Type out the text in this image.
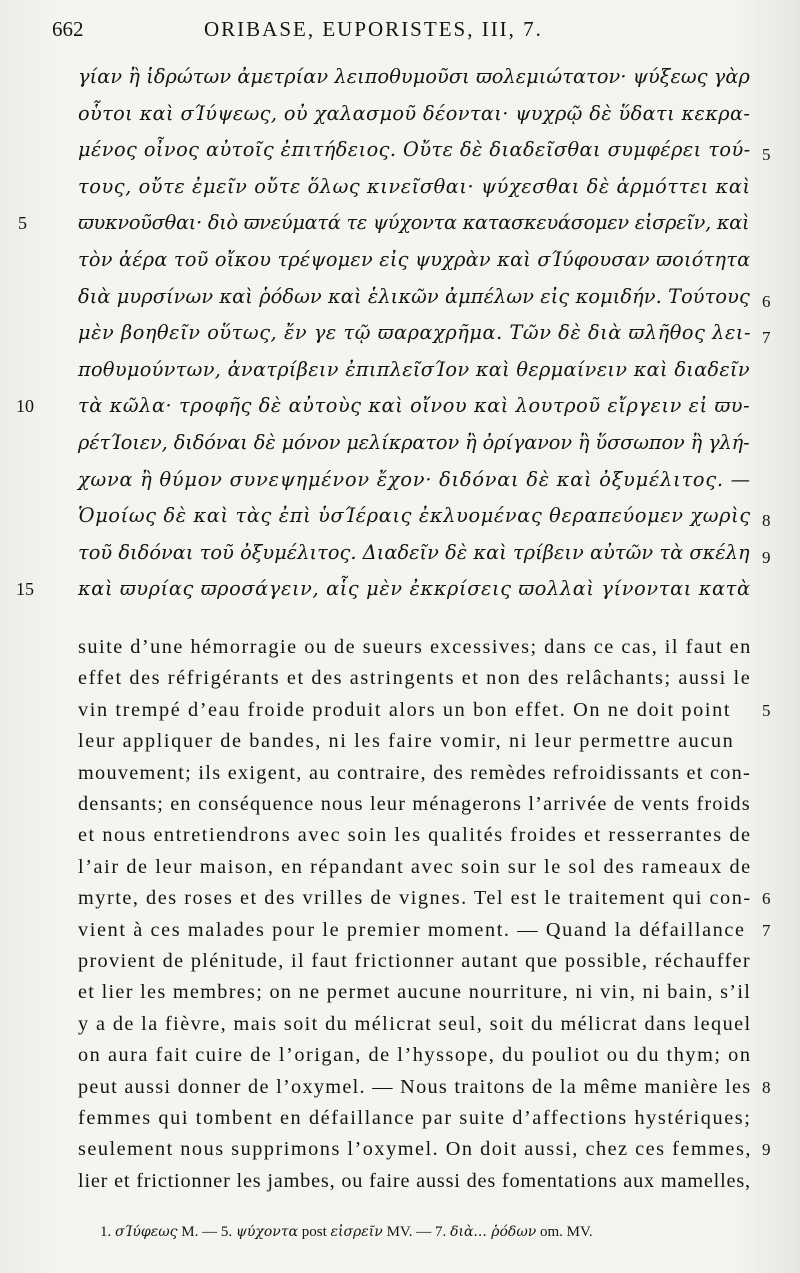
662	ORIBASE, EUPORISTES, III, 7.
γίαν ἢ ἱδρώτων ἀμετρίαν λειποθυμοῦσι ϖολεμιώτατον· ψύξεως γὰρ
οὗτοι καὶ σΊύψεως, οὐ χαλασμοῦ δέονται· ψυχρῷ δὲ ὕδατι κεκρα-
μένος οἶνος αὐτοῖς ἐπιτήδειος. Οὔτε δὲ διαδεῖσθαι συμφέρει τού- 5
τους, οὔτε ἐμεῖν οὔτε ὅλως κινεῖσθαι· ψύχεσθαι δὲ ἁρμόττει καὶ
ϖυκνοῦσθαι· διὸ ϖνεύματά τε ψύχοντα κατασκευάσομεν εἰσρεῖν, καὶ
5
τὸν ἀέρα τοῦ οἴκου τρέψομεν εἰς ψυχρὰν καὶ σΊύφουσαν ϖοιότητα
διὰ μυρσίνων καὶ ῥόδων καὶ ἑλικῶν ἀμπέλων εἰς κομιδήν. Τούτους 6
μὲν βοηθεῖν οὕτως, ἔν γε τῷ ϖαραχρῆμα. Τῶν δὲ διὰ ϖλῆθος λει- 7
ποθυμούντων, ἀνατρίβειν ἐπιπλεῖσΊον καὶ θερμαίνειν καὶ διαδεῖν
τὰ κῶλα· τροφῆς δὲ αὐτοὺς καὶ οἴνου καὶ λουτροῦ εἴργειν εἰ ϖυ-
10
ρέτΊοιεν, διδόναι δὲ μόνον μελίκρατον ἢ ὀρίγανον ἢ ὕσσωπον ἢ γλή-
χωνα ἢ θύμον συνεψημένον ἔχον· διδόναι δὲ καὶ ὀξυμέλιτος. —
Ὁμοίως δὲ καὶ τὰς ἐπὶ ὑσΊέραις ἐκλυομένας θεραπεύομεν χωρὶς 8
τοῦ διδόναι τοῦ ὀξυμέλιτος. Διαδεῖν δὲ καὶ τρίβειν αὐτῶν τὰ σκέλη 9
καὶ ϖυρίας ϖροσάγειν, αἷς μὲν ἐκκρίσεις ϖολλαὶ γίνονται κατὰ
15
suite d’une hémorragie ou de sueurs excessives; dans ce cas, il faut en
effet des réfrigérants et des astringents et non des relâchants; aussi le
vin trempé d’eau froide produit alors un bon effet. On ne doit point 5
leur appliquer de bandes, ni les faire vomir, ni leur permettre aucun
mouvement; ils exigent, au contraire, des remèdes refroidissants et con-
densants; en conséquence nous leur ménagerons l’arrivée de vents froids
et nous entretiendrons avec soin les qualités froides et resserrantes de
l’air de leur maison, en répandant avec soin sur le sol des rameaux de
myrte, des roses et des vrilles de vignes. Tel est le traitement qui con- 6
vient à ces malades pour le premier moment. — Quand la défaillance 7
provient de plénitude, il faut frictionner autant que possible, réchauffer
et lier les membres; on ne permet aucune nourriture, ni vin, ni bain, s’il
y a de la fièvre, mais soit du mélicrat seul, soit du mélicrat dans lequel
on aura fait cuire de l’origan, de l’hyssope, du pouliot ou du thym; on
peut aussi donner de l’oxymel. — Nous traitons de la même manière les 8
femmes qui tombent en défaillance par suite d’affections hystériques;
seulement nous supprimons l’oxymel. On doit aussi, chez ces femmes, 9
lier et frictionner les jambes, ou faire aussi des fomentations aux mamelles,
1. σΊύφεως M. — 5. ψύχοντα post εἰσρεῖν MV. — 7. διὰ... ῥόδων om. MV.
